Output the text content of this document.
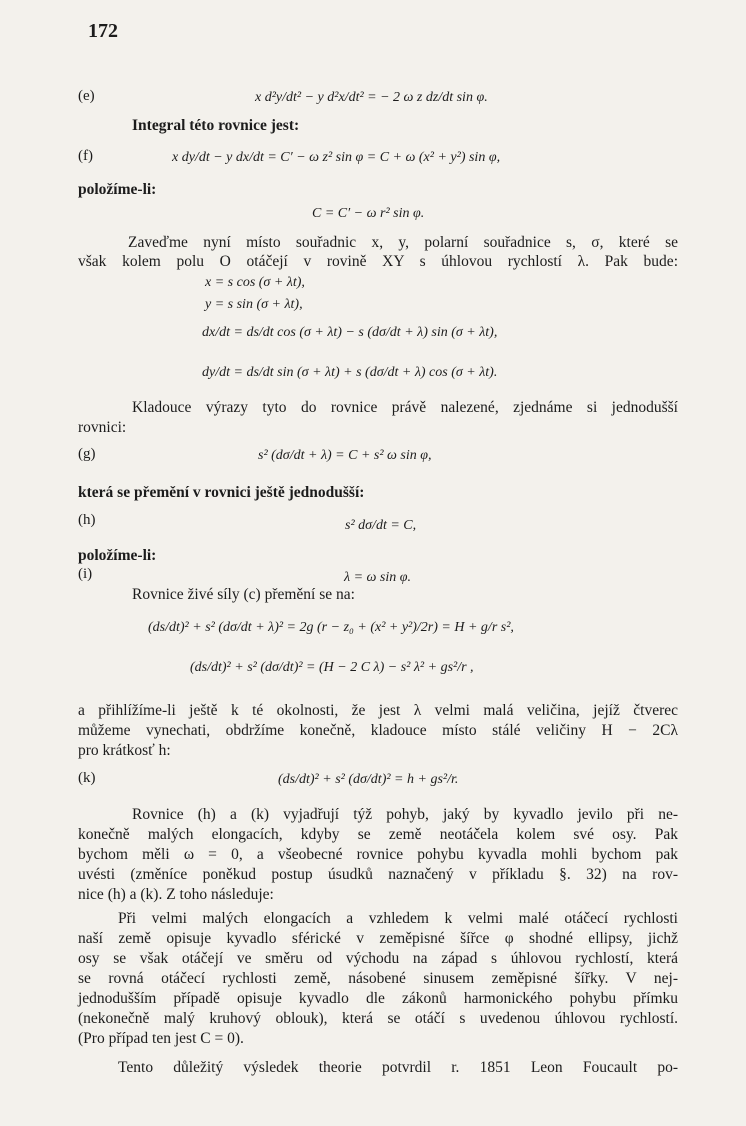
172
(e)	x d²y/dt² − y d²x/dt² = − 2 ω z dz/dt sin φ.
Integral této rovnice jest:
(f)	x dy/dt − y dx/dt = C′ − ω z² sin φ = C + ω (x² + y²) sin φ,
položíme-li:
C = C′ − ω r² sin φ.
Zaveďme nyní místo souřadnic x, y, polarní souřadnice s, σ, které se
však kolem polu O otáčejí v rovině XY s úhlovou rychlostí λ. Pak bude:
x = s cos (σ + λt),
y = s sin (σ + λt),
dx/dt = ds/dt cos (σ + λt) − s (dσ/dt + λ) sin (σ + λt),
dy/dt = ds/dt sin (σ + λt) + s (dσ/dt + λ) cos (σ + λt).
Kladouce výrazy tyto do rovnice právě nalezené, zjednáme si jednodušší
rovnici:
(g)	s² (dσ/dt + λ) = C + s² ω sin φ,
která se přemění v rovnici ještě jednodušší:
(h)	s² dσ/dt = C,
položíme-li:
(i)	λ = ω sin φ.
Rovnice živé síly (c) přemění se na:
(ds/dt)² + s² (dσ/dt + λ)² = 2g (r − z₀ + (x² + y²)/2r) = H + g/r s²,
(ds/dt)² + s² (dσ/dt)² = (H − 2 C λ) − s² λ² + gs²/r ,
a přihlížíme-li ještě k té okolnosti, že jest λ velmi malá veličina, jejíž čtverec
můžeme vynechati, obdržíme konečně, kladouce místo stálé veličiny H − 2Cλ
pro krátkosť h:
(k)	(ds/dt)² + s² (dσ/dt)² = h + gs²/r.
Rovnice (h) a (k) vyjadřují týž pohyb, jaký by kyvadlo jevilo při ne-
konečně malých elongacích, kdyby se země neotáčela kolem své osy. Pak
bychom měli ω = 0, a všeobecné rovnice pohybu kyvadla mohli bychom pak
uvésti (změníce poněkud postup úsudků naznačený v příkladu §. 32) na rov-
nice (h) a (k). Z toho následuje:
Při velmi malých elongacích a vzhledem k velmi malé otáčecí rychlosti
naší země opisuje kyvadlo sférické v zeměpisné šířce φ shodné ellipsy, jichž
osy se však otáčejí ve směru od východu na západ s úhlovou rychlostí, která
se rovná otáčecí rychlosti země, násobené sinusem zeměpisné šířky. V nej-
jednodušším případě opisuje kyvadlo dle zákonů harmonického pohybu přímku
(nekonečně malý kruhový oblouk), která se otáčí s uvedenou úhlovou rychlostí.
(Pro případ ten jest C = 0).
Tento důležitý výsledek theorie potvrdil r. 1851 Leon Foucault po-
